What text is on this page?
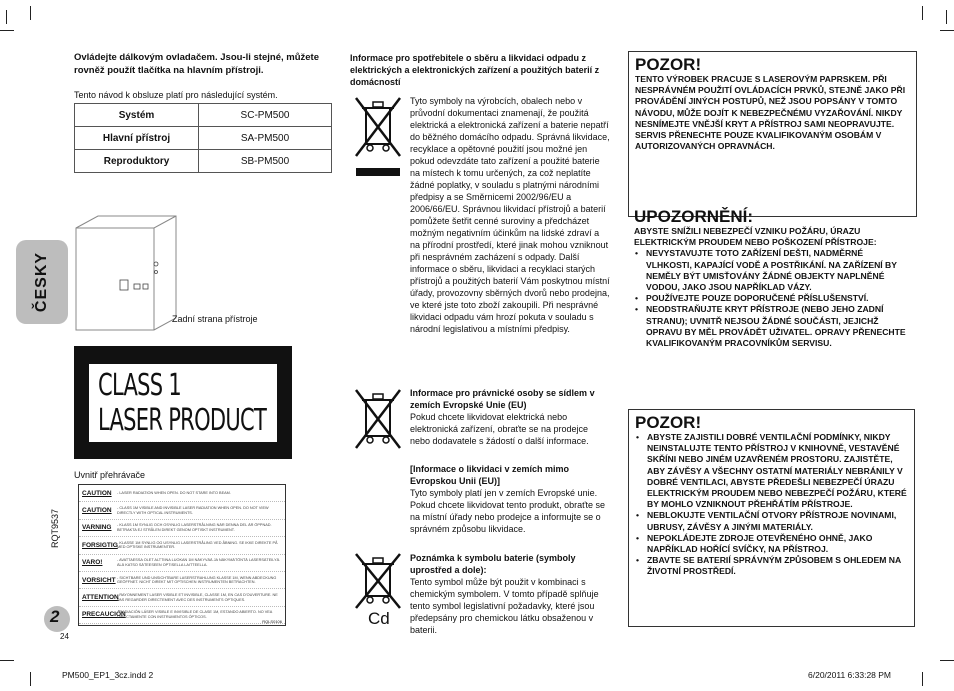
ČESKY
Ovládejte dálkovým ovladačem. Jsou-li stejné, můžete rovněž použít tlačítka na hlavním přístroji.
Tento návod k obsluze platí pro následující systém.
Systém	SC-PM500
Hlavní přístroj	SA-PM500
Reproduktory	SB-PM500
Zadní strana přístroje
CLASS 1
LASER PRODUCT
Uvnitř přehrávače
CAUTION	- LASER RADIATION WHEN OPEN. DO NOT STARE INTO BEAM.
CAUTION	- CLASS 1M VISIBLE AND INVISIBLE LASER RADIATION WHEN OPEN. DO NOT VIEW DIRECTLY WITH OPTICAL INSTRUMENTS.
VARNING	- KLASS 1M SYNLIG OCH OSYNLIG LASERSTRÅLNING NÄR DENNA DEL ÄR ÖPPNAD. BETRAKTA EJ STRÅLEN DIREKT GENOM OPTISKT INSTRUMENT.
FORSIGTIG - KLASSE 1M SYNLIG OG USYNLIG LASERSTRÅLING VED ÅBNING. SE IKKE DIREKTE PÅ MED OPTISKE INSTRUMENTER.
VARO!	- AVATTAESSA OLET ALTTIINA LUOKAN 1M NÄKYVÄÄ JA NÄKYMÄTÖNTÄ LASERSÄTEILYÄ. ÄLÄ KATSO SÄTEESEEN OPTISELLA LAITTEELLA.
VORSICHT - SICHTBARE UND UNSICHTBARE LASERSTRAHLUNG KLASSE 1M, WENN ABDECKUNG GEÖFFNET. NICHT DIREKT MIT OPTISCHEN INSTRUMENTEN BETRACHTEN.
ATTENTION
- RAYONNEMENT LASER VISIBLE ET INVISIBLE, CLASSE 1M, EN CAS D'OUVERTURE. NE PAS REGARDER DIRECTEMENT AVEC DES INSTRUMENTS OPTIQUES.
PRECAUCIÓN
- RADIACIÓN LÁSER VISIBLE E INVISIBLE DE CLASE 1M, ESTANDO ABIERTO. NO VEA DIRECTAMENTE CON INSTRUMENTOS ÓPTICOS.
RQLS0106
RQT9537
2
24
PM500_EP1_3cz.indd 2	6/20/2011 6:33:28 PM
Informace pro spotřebitele o sběru a likvidaci odpadu z elektrických a elektronických zařízení a použitých baterií z domácností
Cd
Tyto symboly na výrobcích, obalech nebo v průvodní dokumentaci znamenají, že použitá elektrická a elektronická zařízení a baterie nepatří do běžného domácího odpadu. Správná likvidace, recyklace a opětovné použití jsou možné jen pokud odevzdáte tato zařízení a použité baterie na místech k tomu určených, za což neplatíte žádné poplatky, v souladu s platnými národními předpisy a se Směrnicemi 2002/96/EU a 2006/66/EU. Správnou likvidací přístrojů a baterií pomůžete šetřit cenné suroviny a předcházet možným negativním účinkům na lidské zdraví a na přírodní prostředí, které jinak mohou vzniknout při nesprávném zacházení s odpady. Další informace o sběru, likvidaci a recyklaci starých přístrojů a použitých baterií Vám poskytnou místní úřady, provozovny sběrných dvorů nebo prodejna, ve které jste toto zboží zakoupili. Při nesprávné likvidaci odpadu vám hrozí pokuta v souladu s národní legislativou a místními předpisy.
Informace pro právnické osoby se sídlem v zemích Evropské Unie (EU)
Pokud chcete likvidovat elektrická nebo elektronická zařízení, obraťte se na prodejce nebo dodavatele s žádostí o další informace.
[Informace o likvidaci v zemích mimo Evropskou Unii (EU)]
Tyto symboly platí jen v zemích Evropské unie. Pokud chcete likvidovat tento produkt, obraťte se na místní úřady nebo prodejce a informujte se o správném způsobu likvidace.
Poznámka k symbolu baterie (symboly uprostřed a dole):
Tento symbol může být použit v kombinaci s chemickým symbolem. V tomto případě splňuje tento symbol legislativní požadavky, které jsou předepsány pro chemickou látku obsaženou v baterii.
POZOR!
TENTO VÝROBEK PRACUJE S LASEROVÝM PAPRSKEM. PŘI NESPRÁVNÉM POUŽITÍ OVLÁDACÍCH PRVKŮ, STEJNĚ JAKO PŘI PROVÁDĚNÍ JINÝCH POSTUPŮ, NEŽ JSOU POPSÁNY V TOMTO NÁVODU, MŮŽE DOJÍT K NEBEZPEČNÉMU VYZAŘOVÁNÍ. NIKDY NESNÍMEJTE VNĚJŠÍ KRYT A PŘÍSTROJ SAMI NEOPRAVUJTE. SERVIS PŘENECHTE POUZE KVALIFIKOVANÝM OSOBÁM V AUTORIZOVANÝCH OPRAVNÁCH.
UPOZORNĚNÍ:
ABYSTE SNÍŽILI NEBEZPEČÍ VZNIKU POŽÁRU, ÚRAZU ELEKTRICKÝM PROUDEM NEBO POŠKOZENÍ PŘÍSTROJE:
• NEVYSTAVUJTE TOTO ZAŘÍZENÍ DEŠTI, NADMĚRNÉ VLHKOSTI, KAPAJÍCÍ VODĚ A POSTŘIKÁNÍ. NA ZAŘÍZENÍ BY NEMĚLY BÝT UMISŤOVÁNY ŽÁDNÉ OBJEKTY NAPLNĚNÉ VODOU, JAKO JSOU NAPŘÍKLAD VÁZY.
• POUŽÍVEJTE POUZE DOPORUČENÉ PŘÍSLUŠENSTVÍ.
• NEODSTRAŇUJTE KRYT PŘÍSTROJE (NEBO JEHO ZADNÍ STRANU); UVNITŘ NEJSOU ŽÁDNÉ SOUČÁSTI, JEJICHŽ OPRAVU BY MĚL PROVÁDĚT UŽIVATEL. OPRAVY PŘENECHTE KVALIFIKOVANÝM PRACOVNÍKŮM SERVISU.
POZOR!
• ABYSTE ZAJISTILI DOBRÉ VENTILAČNÍ PODMÍNKY, NIKDY NEINSTALUJTE TENTO PŘÍSTROJ V KNIHOVNĚ, VESTAVĚNÉ SKŘÍNI NEBO JINÉM UZAVŘENÉM PROSTORU. ZAJISTĚTE, ABY ZÁVĚSY A VŠECHNY OSTATNÍ MATERIÁLY NEBRÁNILY V DOBRÉ VENTILACI, ABYSTE PŘEDEŠLI NEBEZPEČÍ ÚRAZU ELEKTRICKÝM PROUDEM NEBO NEBEZPEČÍ POŽÁRU, KTERÉ BY MOHLO VZNIKNOUT PŘEHŘÁTÍM PŘÍSTROJE.
• NEBLOKUJTE VENTILAČNÍ OTVORY PŘÍSTROJE NOVINAMI, UBRUSY, ZÁVĚSY A JINÝMI MATERIÁLY.
• NEPOKLÁDEJTE ZDROJE OTEVŘENÉHO OHNĚ, JAKO NAPŘÍKLAD HOŘÍCÍ SVÍČKY, NA PŘÍSTROJ.
• ZBAVTE SE BATERIÍ SPRÁVNÝM ZPŮSOBEM S OHLEDEM NA ŽIVOTNÍ PROSTŘEDÍ.
